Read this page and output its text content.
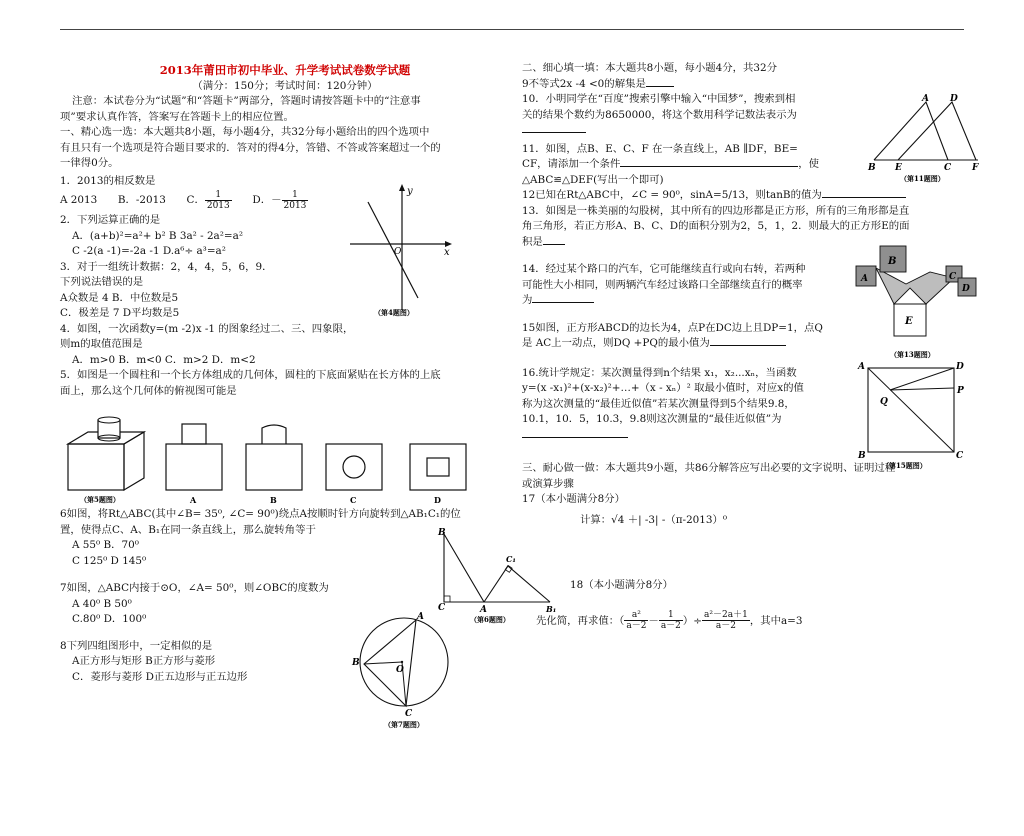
2013年莆田市初中毕业、升学考试试卷数学试题

（满分：150分；考试时间：120分钟）

注意：本试卷分为“试题”和“答题卡”两部分，答题时请按答题卡中的“注意事

项”要求认真作答，答案写在答题卡上的相应位置。

一、精心选一选：本大题共8小题，每小题4分，共32分每小题给出的四个选项中

有且只有一个选项是符合题目要求的．答对的得4分，答错、不答或答案超过一个的

一律得0分。

1．2013的相反数是

A 2013 B．-2013 C． $\frac{1}{2013}$ D．－ $\frac{1}{2013}$

2．下列运算正确的是

A．(a+b)²=a²+ b² B 3a² - 2a²=a²

C -2(a -1)=-2a -1 D.a⁶÷ a³=a²

3．对于一组统计数据：2，4，4，5，6，9．

下列说法错误的是

A众数是 4 B．中位数是5

C．极差是 7 D平均数是5

4．如图，一次函数y=(m -2)x -1 的图象经过二、三、四象限，

则m的取值范围是

A．m>0 B．m<0 C．m>2 D．m<2

5．如图是一个圆柱和一个长方体组成的几何体，圆柱的下底面紧贴在长方体的上底

面上，那么这个几何体的俯视图可能是

6如图，将Rt△ABC(其中∠B= 35⁰, ∠C= 90⁰)绕点A按顺时针方向旋转到△AB₁C₁的位

置，使得点C、A、B₁在同一条直线上，那么旋转角等于

A 55⁰ B．70⁰

C 125⁰ D 145⁰

7如图，△ABC内接于⊙O，∠A= 50⁰，则∠OBC的度数为

A 40⁰ B 50⁰

C.80⁰ D．100⁰

8下列四组图形中，一定相似的是

A正方形与矩形 B正方形与菱形

C．菱形与菱形 D正五边形与正五边形

y
O	x
（第4题图）
（第5题图）	A	B	C	D
B
C₁
C	A	B₁
（第6题图）
A
B
O
C
（第7题图）

二、细心填一填：本大题共8小题，每小题4分，共32分

9不等式2x -4 <0的解集是

10．小明同学在“百度”搜索引擎中输入“中国梦”，搜索到相

关的结果个数约为8650000，将这个数用科学记数法表示为

11．如图，点B、E、C、F 在一条直线上，AB ∥DF，BE=

CF，请添加一个条件	，使

△ABC≌△DEF(写出一个即可)

12已知在Rt△ABC中，∠C = 90⁰，sinA=5/13，则tanB的值为

13．如图是一株美丽的勾股树，其中所有的四边形都是正方形，所有的三角形都是直

角三角形，若正方形A、B、C、D的面积分别为2，5，1，2．则最大的正方形E的面

积是

14．经过某个路口的汽车，它可能继续直行或向右转，若两种

可能性大小相同，则两辆汽车经过该路口全部继续直行的概率

为

15如图，正方形ABCD的边长为4，点P在DC边上且DP=1，点Q

是 AC上一动点，则DQ +PQ的最小值为

16.统计学规定：某次测量得到n个结果 x₁，x₂...xₙ，当函数

y=(x -x₁)²+(x-x₂)²+…+（x - xₙ）² 取最小值时，对应x的值

称为这次测量的“最佳近似值”若某次测量得到5个结果9.8，

10.1，10．5，10.3，9.8则这次测量的“最佳近似值”为

三、耐心做一做：本大题共9小题，共86分解答应写出必要的文字说明、证明过程

或演算步骤

17（本小题满分8分）

计算：√4 ＋| -3| -（π-2013）⁰

18（本小题满分8分）

先化简，再求值：（ $\frac{\text{a²}}{a-2} - \frac{1}{a-2}$ ）÷ $\frac{\text{a²－2a＋1}}{a-2}$ ，其中a=3

A D
B E	C F
（第11题图）
A
B
C
D
E
（第13题图）
A	D
P
Q
B	C
（第15题图）
